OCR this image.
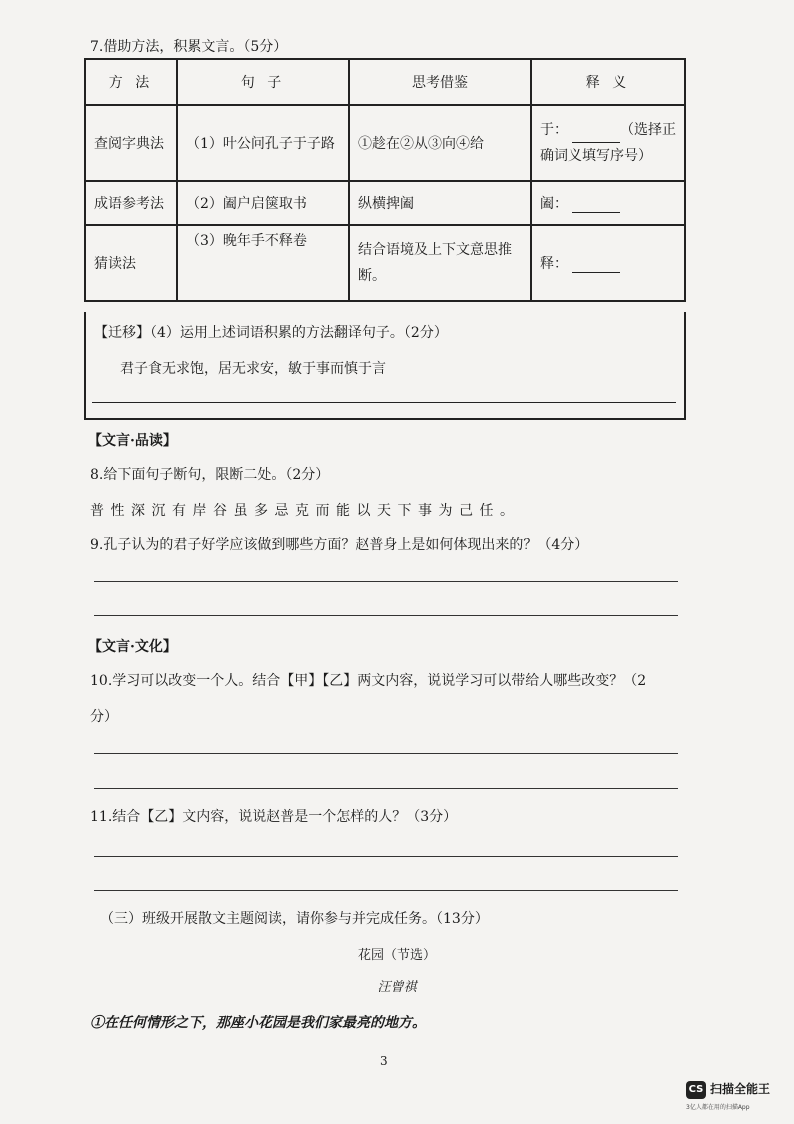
7.借助方法，积累文言。（5分）
方 法	句 子	思考借鉴	释 义
查阅字典法	（1）叶公问孔子于子路	①趁在②从③向④给	于： （选择正确词义填写序号）
成语参考法	（2）阖户启箧取书	纵横捭阖	阖：
猜读法	（3）晚年手不释卷	结合语境及上下文意思推断。	释：
【迁移】（4）运用上述词语积累的方法翻译句子。（2分）
君子食无求饱，居无求安，敏于事而慎于言
【文言·品读】
8.给下面句子断句，限断二处。（2分）
普性深沉有岸谷虽多忌克而能以天下事为己任。
9.孔子认为的君子好学应该做到哪些方面？赵普身上是如何体现出来的？（4分）
【文言·文化】
10.学习可以改变一个人。结合【甲】【乙】两文内容，说说学习可以带给人哪些改变？（2
分）
11.结合【乙】文内容，说说赵普是一个怎样的人？（3分）
（三）班级开展散文主题阅读，请你参与并完成任务。（13分）
花园（节选）
汪曾祺
①在任何情形之下，那座小花园是我们家最亮的地方。
3
CS 扫描全能王
3亿人都在用的扫描App
